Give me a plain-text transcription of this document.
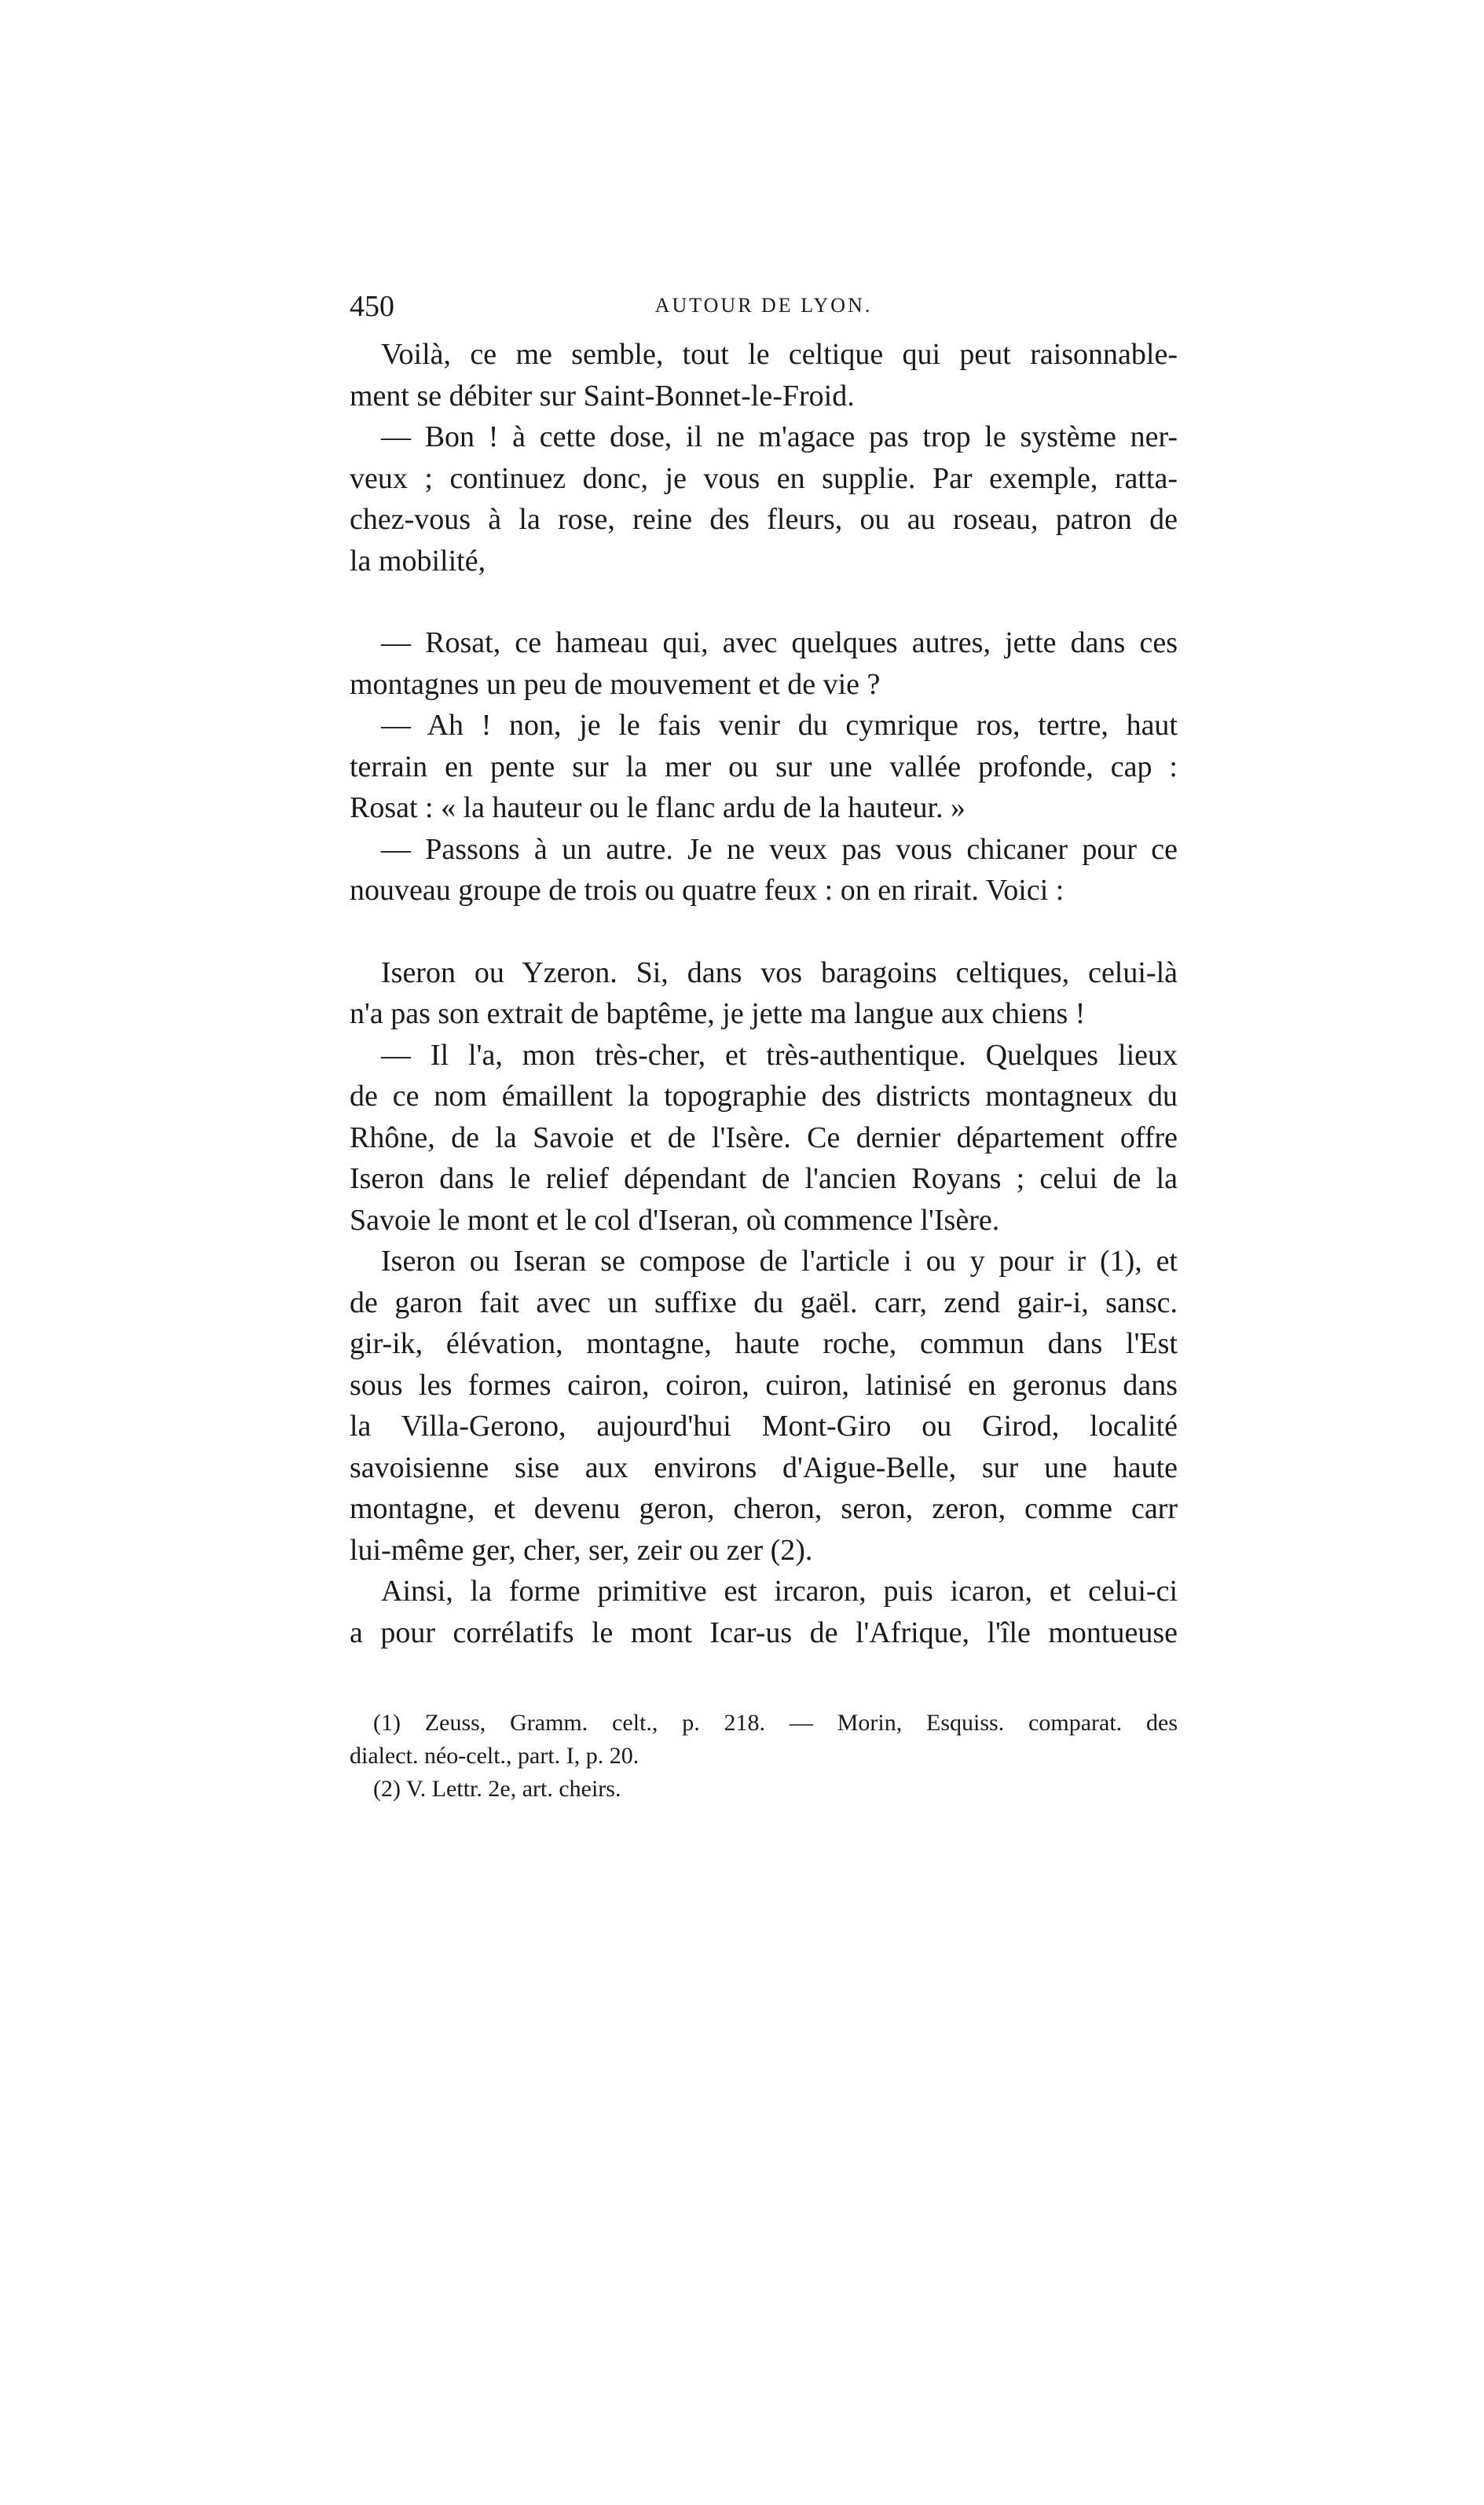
450	AUTOUR DE LYON.
Voilà, ce me semble, tout le celtique qui peut raisonnable-
ment se débiter sur Saint-Bonnet-le-Froid.
— Bon ! à cette dose, il ne m'agace pas trop le système ner-
veux ; continuez donc, je vous en supplie. Par exemple, ratta-
chez-vous à la rose, reine des fleurs, ou au roseau, patron de
la mobilité,
— Rosat, ce hameau qui, avec quelques autres, jette dans ces
montagnes un peu de mouvement et de vie ?
— Ah ! non, je le fais venir du cymrique ros, tertre, haut
terrain en pente sur la mer ou sur une vallée profonde, cap :
Rosat : « la hauteur ou le flanc ardu de la hauteur. »
— Passons à un autre. Je ne veux pas vous chicaner pour ce
nouveau groupe de trois ou quatre feux : on en rirait. Voici :
Iseron ou Yzeron. Si, dans vos baragoins celtiques, celui-là
n'a pas son extrait de baptême, je jette ma langue aux chiens !
— Il l'a, mon très-cher, et très-authentique. Quelques lieux
de ce nom émaillent la topographie des districts montagneux du
Rhône, de la Savoie et de l'Isère. Ce dernier département offre
Iseron dans le relief dépendant de l'ancien Royans ; celui de la
Savoie le mont et le col d'Iseran, où commence l'Isère.
Iseron ou Iseran se compose de l'article i ou y pour ir (1), et
de garon fait avec un suffixe du gaël. carr, zend gair-i, sansc.
gir-ik, élévation, montagne, haute roche, commun dans l'Est
sous les formes cairon, coiron, cuiron, latinisé en geronus dans
la Villa-Gerono, aujourd'hui Mont-Giro ou Girod, localité
savoisienne sise aux environs d'Aigue-Belle, sur une haute
montagne, et devenu geron, cheron, seron, zeron, comme carr
lui-même ger, cher, ser, zeir ou zer (2).
Ainsi, la forme primitive est ircaron, puis icaron, et celui-ci
a pour corrélatifs le mont Icar-us de l'Afrique, l'île montueuse
(1) Zeuss, Gramm. celt., p. 218. — Morin, Esquiss. comparat. des
dialect. néo-celt., part. I, p. 20.
(2) V. Lettr. 2e, art. cheirs.
